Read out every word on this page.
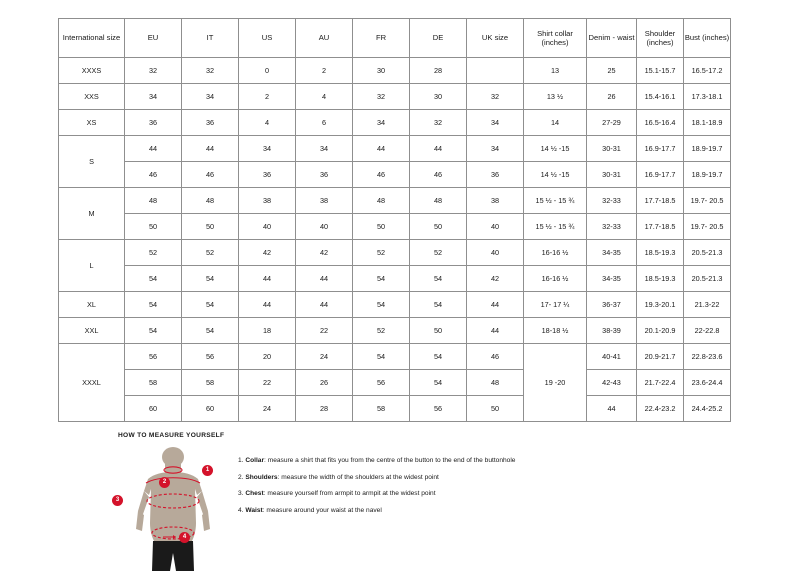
International size	EU	IT	US	AU	FR	DE	UK size	Shirt collar (inches)	Denim - waist	Shoulder (inches)	Bust (inches)
XXXS	32	32	0	2	30	28		13	25	15.1-15.7	16.5-17.2
XXS	34	34	2	4	32	30	32	13 ½	26	15.4-16.1	17.3-18.1
XS	36	36	4	6	34	32	34	14	27-29	16.5-16.4	18.1-18.9
S	44	44	34	34	44	44	34	14 ½ -15	30-31	16.9-17.7	18.9-19.7
	46	46	36	36	46	46	36	14 ½ -15	30-31	16.9-17.7	18.9-19.7
M	48	48	38	38	48	48	38	15 ½ - 15 ¾	32-33	17.7-18.5	19.7- 20.5
	50	50	40	40	50	50	40	15 ½ - 15 ¾	32-33	17.7-18.5	19.7- 20.5
L	52	52	42	42	52	52	40	16-16 ½	34-35	18.5-19.3	20.5-21.3
	54	54	44	44	54	54	42	16-16 ½	34-35	18.5-19.3	20.5-21.3
XL	54	54	44	44	54	54	44	17- 17 ¼	36-37	19.3-20.1	21.3-22
XXL	54	54	18	22	52	50	44	18-18 ½	38-39	20.1-20.9	22-22.8
XXXL	56	56	20	24	54	54	46	19 -20	40-41	20.9-21.7	22.8-23.6
	58	58	22	26	56	54	48		42-43	21.7-22.4	23.6-24.4
	60	60	24	28	58	56	50		44	22.4-23.2	24.4-25.2
HOW TO MEASURE YOURSELF
1
2
3
4
1. Collar: measure a shirt that fits you from the centre of the button to the end of the buttonhole
2. Shoulders: measure the width of the shoulders at the widest point
3. Chest: measure yourself from armpit to armpit at the widest point
4. Waist: measure around your waist at the navel
